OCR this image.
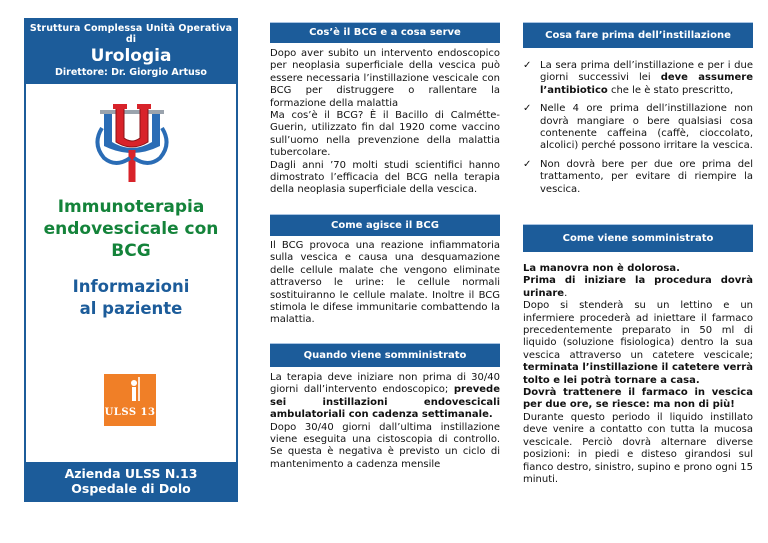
Struttura Complessa Unità Operativa di
Urologia
Direttore: Dr. Giorgio Artuso
Immunoterapia
endovescicale con
BCG
Informazioni
al paziente
ULSS 13
Azienda ULSS N.13
Ospedale di Dolo
Cos’è il BCG e a cosa serve
Dopo aver subito un intervento endoscopico per neoplasia superficiale della vescica può essere necessaria l’instillazione vescicale con BCG per distruggere o rallentare la formazione della malattia
Ma cos’è il BCG? È il Bacillo di Calmétte-Guerin, utilizzato fin dal 1920 come vaccino sull’uomo nella prevenzione della malattia tubercolare.
Dagli anni ’70 molti studi scientifici hanno dimostrato l’efficacia del BCG nella terapia della neoplasia superficiale della vescica.
Come agisce il BCG
Il BCG provoca una reazione infiammatoria sulla vescica e causa una desquamazione delle cellule malate che vengono eliminate attraverso le urine: le cellule normali sostituiranno le cellule malate. Inoltre il BCG stimola le difese immunitarie combattendo la malattia.
Quando viene somministrato
La terapia deve iniziare non prima di 30/40 giorni dall’intervento endoscopico; prevede sei instillazioni endovescicali ambulatoriali con cadenza settimanale.
Dopo 30/40 giorni dall’ultima instillazione viene eseguita una cistoscopia di controllo. Se questa è negativa è previsto un ciclo di mantenimento a cadenza mensile
Cosa fare prima dell’instillazione
✓ La sera prima dell’instillazione e per i due giorni successivi lei deve assumere l’antibiotico che le è stato prescritto,
✓ Nelle 4 ore prima dell’instillazione non dovrà mangiare o bere qualsiasi cosa contenente caffeina (caffè, cioccolato, alcolici) perché possono irritare la vescica.
✓ Non dovrà bere per due ore prima del trattamento, per evitare di riempire la vescica.
Come viene somministrato
La manovra non è dolorosa.
Prima di iniziare la procedura dovrà urinare.
Dopo si stenderà su un lettino e un infermiere procederà ad iniettare il farmaco precedentemente preparato in 50 ml di liquido (soluzione fisiologica) dentro la sua vescica attraverso un catetere vescicale; terminata l’instillazione il catetere verrà tolto e lei potrà tornare a casa.
Dovrà trattenere il farmaco in vescica per due ore, se riesce: ma non di più!
Durante questo periodo il liquido instillato deve venire a contatto con tutta la mucosa vescicale. Perciò dovrà alternare diverse posizioni: in piedi e disteso girandosi sul fianco destro, sinistro, supino e prono ogni 15 minuti.
